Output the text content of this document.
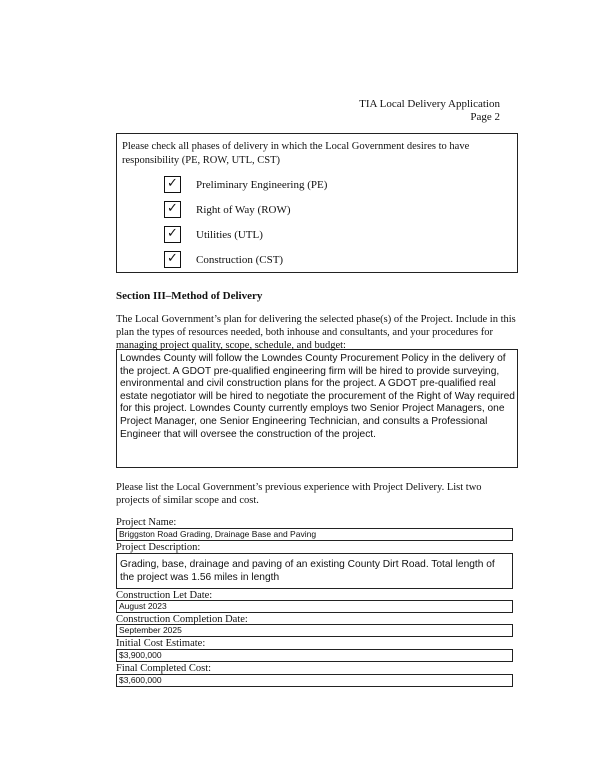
TIA Local Delivery Application
Page 2
Please check all phases of delivery in which the Local Government desires to have responsibility (PE, ROW, UTL, CST)
✓ Preliminary Engineering (PE)
✓ Right of Way (ROW)
✓ Utilities (UTL)
✓ Construction (CST)
Section III–Method of Delivery
The Local Government’s plan for delivering the selected phase(s) of the Project. Include in this plan the types of resources needed, both inhouse and consultants, and your procedures for managing project quality, scope, schedule, and budget:
Lowndes County will follow the Lowndes County Procurement Policy in the delivery of the project. A GDOT pre-qualified engineering firm will be hired to provide surveying, environmental and civil construction plans for the project. A GDOT pre-qualified real estate negotiator will be hired to negotiate the procurement of the Right of Way required for this project. Lowndes County currently employs two Senior Project Managers, one Project Manager, one Senior Engineering Technician, and consults a Professional Engineer that will oversee the construction of the project.
Please list the Local Government’s previous experience with Project Delivery. List two projects of similar scope and cost.
Project Name:
Briggston Road Grading, Drainage Base and Paving
Project Description:
Grading, base, drainage and paving of an existing County Dirt Road. Total length of the project was 1.56 miles in length
Construction Let Date:
August 2023
Construction Completion Date:
September 2025
Initial Cost Estimate:
$3,900,000
Final Completed Cost:
$3,600,000
